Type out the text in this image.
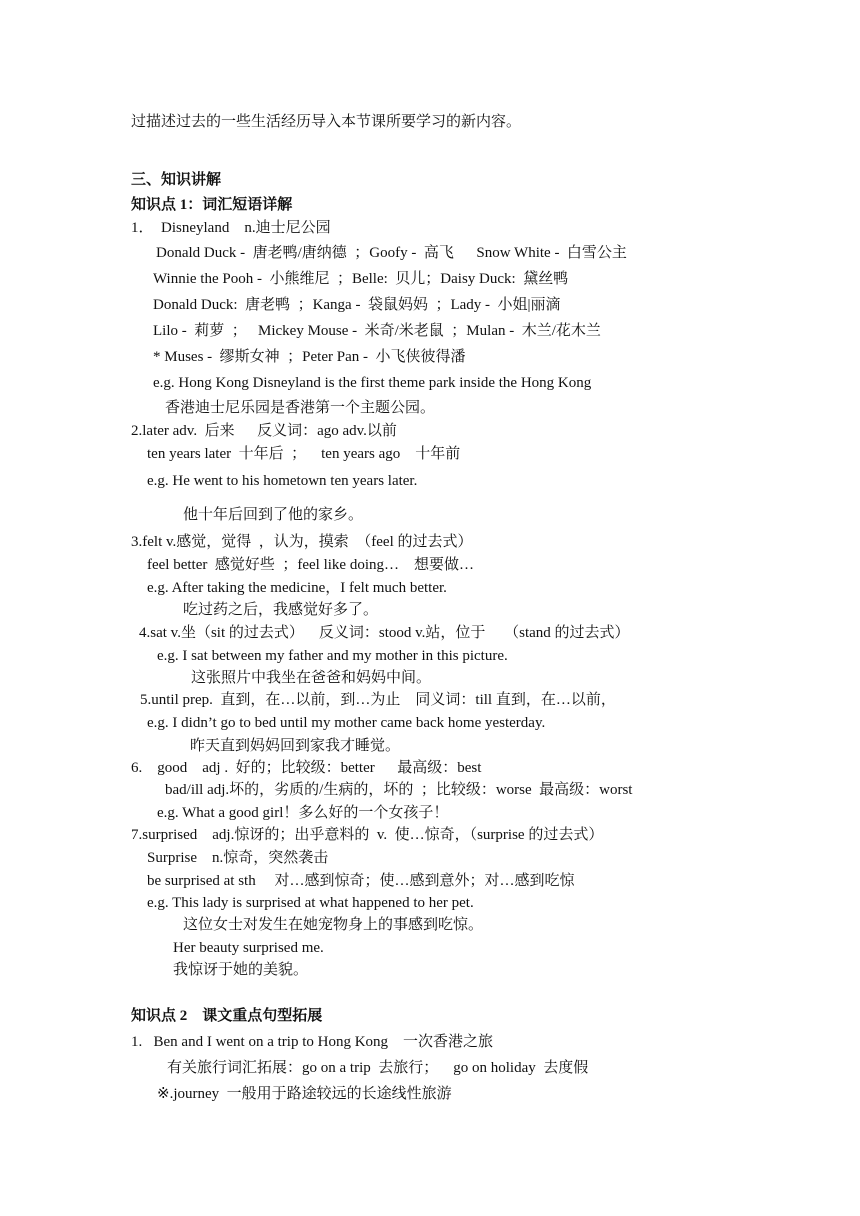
过描述过去的一些生活经历导入本节课所要学习的新内容。
三、知识讲解
知识点 1：词汇短语详解
1．  Disneyland    n.迪士尼公园
Donald Duck -  唐老鸭/唐纳德  ；Goofy -  高飞      Snow White -  白雪公主
Winnie the Pooh -  小熊维尼  ；Belle:  贝儿；Daisy Duck:  黛丝鸭
Donald Duck:  唐老鸭  ；Kanga -  袋鼠妈妈  ；Lady -  小姐|丽滴
Lilo -  莉萝  ；   Mickey Mouse -  米奇/米老鼠  ；Mulan -  木兰/花木兰
* Muses -  缪斯女神  ；Peter Pan -  小飞侠彼得潘
e.g. Hong Kong Disneyland is the first theme park inside the Hong Kong
香港迪士尼乐园是香港第一个主题公园。
2.later adv.  后来      反义词：ago adv.以前
ten years later  十年后  ；    ten years ago    十年前
e.g. He went to his hometown ten years later.
他十年后回到了他的家乡。
3.felt v.感觉，觉得  ，认为，摸索  （feel 的过去式）
feel better  感觉好些  ；feel like doing…    想要做…
e.g. After taking the medicine，I felt much better.
吃过药之后，我感觉好多了。
4.sat v.坐（sit 的过去式）    反义词：stood v.站，位于     （stand 的过去式）
e.g. I sat between my father and my mother in this picture.
这张照片中我坐在爸爸和妈妈中间。
5.until prep.  直到，在…以前，到…为止    同义词：till 直到，在…以前，
e.g. I didn’t go to bed until my mother came back home yesterday.
昨天直到妈妈回到家我才睡觉。
6.    good    adj .  好的；比较级：better      最高级：best
bad/ill adj.坏的，劣质的/生病的，坏的  ；比较级：worse  最高级：worst
e.g. What a good girl！多么好的一个女孩子！
7.surprised    adj.惊讶的；出乎意料的  v.  使…惊奇，（surprise 的过去式）
Surprise    n.惊奇，突然袭击
be surprised at sth     对…感到惊奇；使…感到意外；对…感到吃惊
e.g. This lady is surprised at what happened to her pet.
这位女士对发生在她宠物身上的事感到吃惊。
Her beauty surprised me.
我惊讶于她的美貌。
知识点 2    课文重点句型拓展
1.   Ben and I went on a trip to Hong Kong    一次香港之旅
有关旅行词汇拓展：go on a trip  去旅行；    go on holiday  去度假
※.journey  一般用于路途较远的长途线性旅游
